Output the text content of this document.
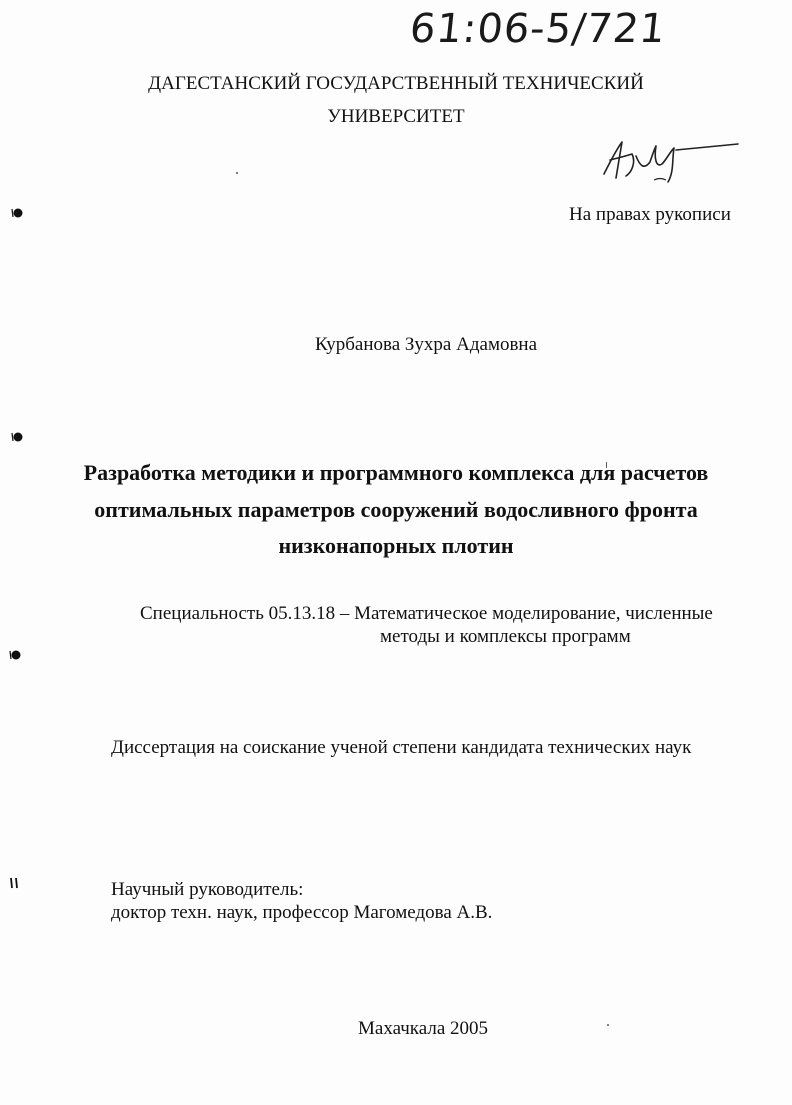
61:06-5/721
ДАГЕСТАНСКИЙ ГОСУДАРСТВЕННЫЙ ТЕХНИЧЕСКИЙ
УНИВЕРСИТЕТ
На правах рукописи
Курбанова Зухра Адамовна
Разработка методики и программного комплекса для расчетов
оптимальных параметров сооружений водосливного фронта
низконапорных плотин
Специальность 05.13.18 – Математическое моделирование, численные
методы и комплексы программ
Диссертация на соискание ученой степени кандидата технических наук
Научный руководитель:
доктор техн. наук, профессор Магомедова А.В.
Махачкала 2005
